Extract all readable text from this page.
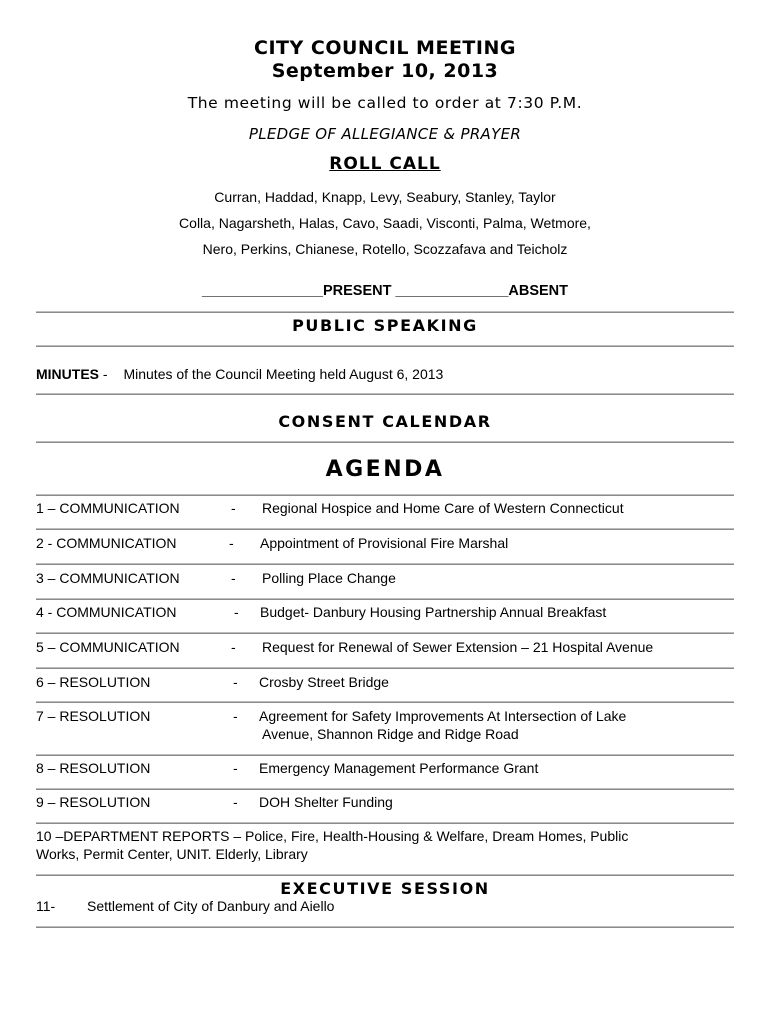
CITY COUNCIL MEETING
September 10, 2013
The meeting will be called to order at 7:30 P.M.
PLEDGE OF ALLEGIANCE & PRAYER
ROLL CALL
Curran, Haddad, Knapp, Levy, Seabury, Stanley, Taylor
Colla, Nagarsheth, Halas, Cavo, Saadi, Visconti, Palma, Wetmore,
Nero, Perkins, Chianese, Rotello, Scozzafava and Teicholz
_______________PRESENT ______________ABSENT
PUBLIC SPEAKING
MINUTES - Minutes of the Council Meeting held August 6, 2013
CONSENT CALENDAR
AGENDA
1 – COMMUNICATION	- Regional Hospice and Home Care of Western Connecticut
2 - COMMUNICATION	- Appointment of Provisional Fire Marshal
3 – COMMUNICATION	- Polling Place Change
4 - COMMUNICATION	- Budget- Danbury Housing Partnership Annual Breakfast
5 – COMMUNICATION	- Request for Renewal of Sewer Extension – 21 Hospital Avenue
6 – RESOLUTION	- Crosby Street Bridge
7 – RESOLUTION	- Agreement for Safety Improvements At Intersection of Lake
Avenue, Shannon Ridge and Ridge Road
8 – RESOLUTION	- Emergency Management Performance Grant
9 – RESOLUTION	- DOH Shelter Funding
10 –DEPARTMENT REPORTS – Police, Fire, Health-Housing & Welfare, Dream Homes, Public
Works, Permit Center, UNIT. Elderly, Library
EXECUTIVE SESSION
11- Settlement of City of Danbury and Aiello
